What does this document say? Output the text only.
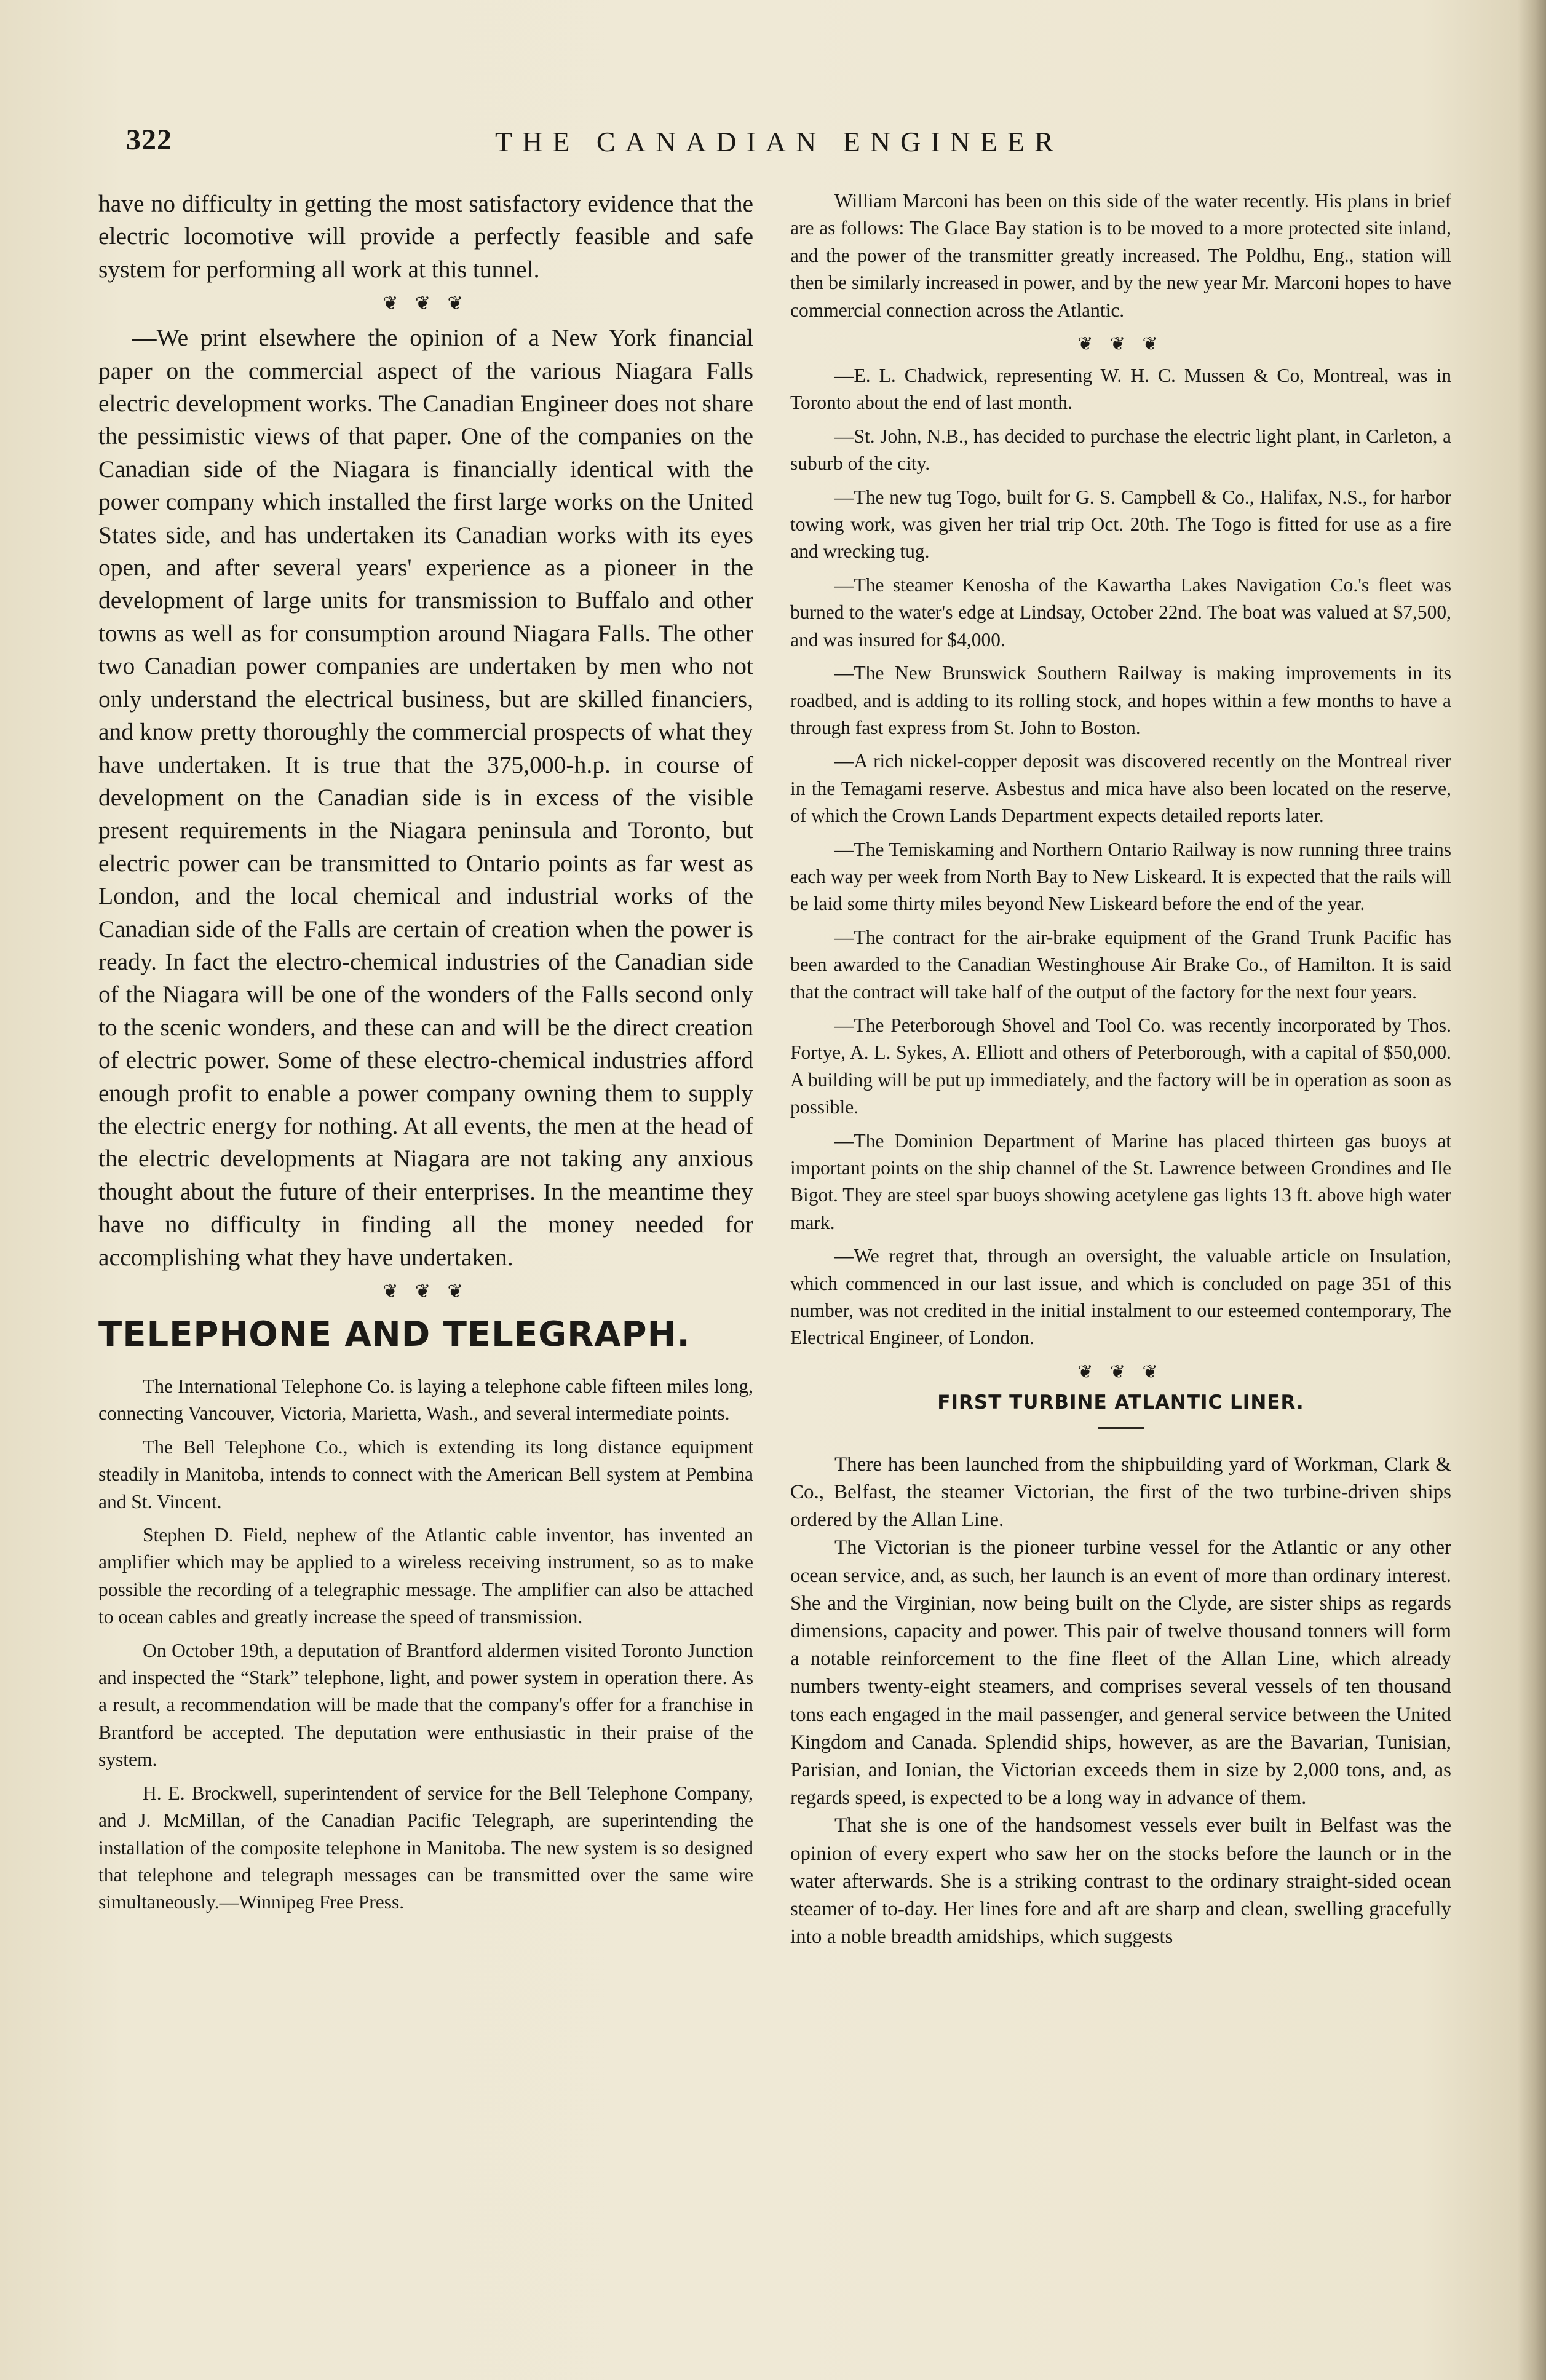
322	THE CANADIAN ENGINEER

have no difficulty in getting the most satisfactory evidence that the electric locomotive will provide a perfectly feasible and safe system for performing all work at this tunnel.

❦ ❦ ❦

—We print elsewhere the opinion of a New York financial paper on the commercial aspect of the various Niagara Falls electric development works. The Canadian Engineer does not share the pessimistic views of that paper. One of the companies on the Canadian side of the Niagara is financially identical with the power company which installed the first large works on the United States side, and has undertaken its Canadian works with its eyes open, and after several years' experience as a pioneer in the development of large units for transmission to Buffalo and other towns as well as for consumption around Niagara Falls. The other two Canadian power companies are undertaken by men who not only understand the electrical business, but are skilled financiers, and know pretty thoroughly the commercial prospects of what they have undertaken. It is true that the 375,000-h.p. in course of development on the Canadian side is in excess of the visible present requirements in the Niagara peninsula and Toronto, but electric power can be transmitted to Ontario points as far west as London, and the local chemical and industrial works of the Canadian side of the Falls are certain of creation when the power is ready. In fact the electro-chemical industries of the Canadian side of the Niagara will be one of the wonders of the Falls second only to the scenic wonders, and these can and will be the direct creation of electric power. Some of these electro-chemical industries afford enough profit to enable a power company owning them to supply the electric energy for nothing. At all events, the men at the head of the electric developments at Niagara are not taking any anxious thought about the future of their enterprises. In the meantime they have no difficulty in finding all the money needed for accomplishing what they have undertaken.

❦ ❦ ❦
TELEPHONE AND TELEGRAPH.

The International Telephone Co. is laying a telephone cable fifteen miles long, connecting Vancouver, Victoria, Marietta, Wash., and several intermediate points.

The Bell Telephone Co., which is extending its long distance equipment steadily in Manitoba, intends to connect with the American Bell system at Pembina and St. Vincent.

Stephen D. Field, nephew of the Atlantic cable inventor, has invented an amplifier which may be applied to a wireless receiving instrument, so as to make possible the recording of a telegraphic message. The amplifier can also be attached to ocean cables and greatly increase the speed of transmission.

On October 19th, a deputation of Brantford aldermen visited Toronto Junction and inspected the “Stark” telephone, light, and power system in operation there. As a result, a recommendation will be made that the company's offer for a franchise in Brantford be accepted. The deputation were enthusiastic in their praise of the system.

H. E. Brockwell, superintendent of service for the Bell Telephone Company, and J. McMillan, of the Canadian Pacific Telegraph, are superintending the installation of the composite telephone in Manitoba. The new system is so designed that telephone and telegraph messages can be transmitted over the same wire simultaneously.—Winnipeg Free Press.

William Marconi has been on this side of the water recently. His plans in brief are as follows: The Glace Bay station is to be moved to a more protected site inland, and the power of the transmitter greatly increased. The Poldhu, Eng., station will then be similarly increased in power, and by the new year Mr. Marconi hopes to have commercial connection across the Atlantic.

❦ ❦ ❦

—E. L. Chadwick, representing W. H. C. Mussen & Co, Montreal, was in Toronto about the end of last month.

—St. John, N.B., has decided to purchase the electric light plant, in Carleton, a suburb of the city.

—The new tug Togo, built for G. S. Campbell & Co., Halifax, N.S., for harbor towing work, was given her trial trip Oct. 20th. The Togo is fitted for use as a fire and wrecking tug.

—The steamer Kenosha of the Kawartha Lakes Navigation Co.'s fleet was burned to the water's edge at Lindsay, October 22nd. The boat was valued at $7,500, and was insured for $4,000.

—The New Brunswick Southern Railway is making improvements in its roadbed, and is adding to its rolling stock, and hopes within a few months to have a through fast express from St. John to Boston.

—A rich nickel-copper deposit was discovered recently on the Montreal river in the Temagami reserve. Asbestus and mica have also been located on the reserve, of which the Crown Lands Department expects detailed reports later.

—The Temiskaming and Northern Ontario Railway is now running three trains each way per week from North Bay to New Liskeard. It is expected that the rails will be laid some thirty miles beyond New Liskeard before the end of the year.

—The contract for the air-brake equipment of the Grand Trunk Pacific has been awarded to the Canadian Westinghouse Air Brake Co., of Hamilton. It is said that the contract will take half of the output of the factory for the next four years.

—The Peterborough Shovel and Tool Co. was recently incorporated by Thos. Fortye, A. L. Sykes, A. Elliott and others of Peterborough, with a capital of $50,000. A building will be put up immediately, and the factory will be in operation as soon as possible.

—The Dominion Department of Marine has placed thirteen gas buoys at important points on the ship channel of the St. Lawrence between Grondines and Ile Bigot. They are steel spar buoys showing acetylene gas lights 13 ft. above high water mark.

—We regret that, through an oversight, the valuable article on Insulation, which commenced in our last issue, and which is concluded on page 351 of this number, was not credited in the initial instalment to our esteemed contemporary, The Electrical Engineer, of London.

❦ ❦ ❦
FIRST TURBINE ATLANTIC LINER.

There has been launched from the shipbuilding yard of Workman, Clark & Co., Belfast, the steamer Victorian, the first of the two turbine-driven ships ordered by the Allan Line.

The Victorian is the pioneer turbine vessel for the Atlantic or any other ocean service, and, as such, her launch is an event of more than ordinary interest. She and the Virginian, now being built on the Clyde, are sister ships as regards dimensions, capacity and power. This pair of twelve thousand tonners will form a notable reinforcement to the fine fleet of the Allan Line, which already numbers twenty-eight steamers, and comprises several vessels of ten thousand tons each engaged in the mail passenger, and general service between the United Kingdom and Canada. Splendid ships, however, as are the Bavarian, Tunisian, Parisian, and Ionian, the Victorian exceeds them in size by 2,000 tons, and, as regards speed, is expected to be a long way in advance of them.

That she is one of the handsomest vessels ever built in Belfast was the opinion of every expert who saw her on the stocks before the launch or in the water afterwards. She is a striking contrast to the ordinary straight-sided ocean steamer of to-day. Her lines fore and aft are sharp and clean, swelling gracefully into a noble breadth amidships, which suggests
